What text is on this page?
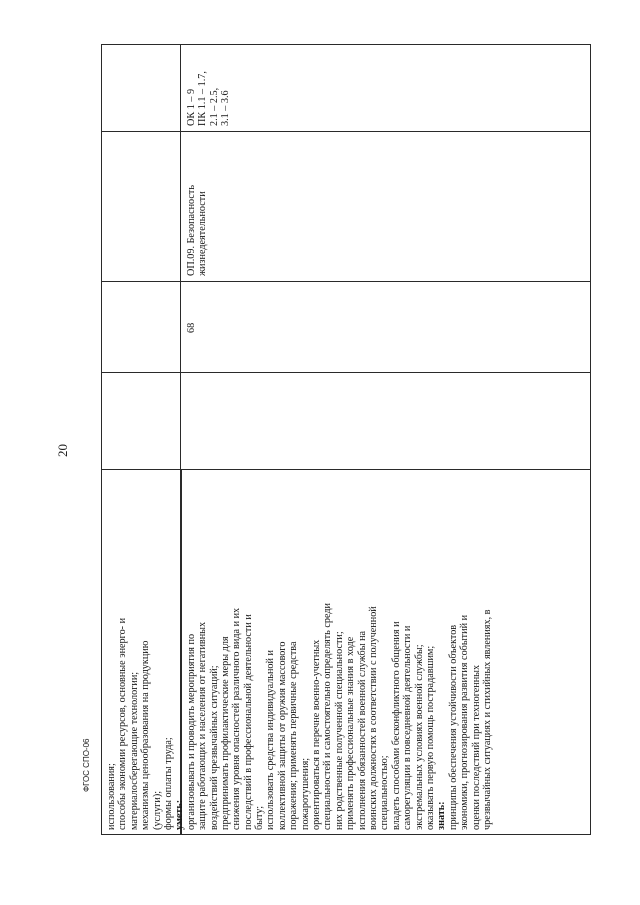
20
ФГОС СПО-06 использования; способы экономии ресурсов, основные энерго- и материалосберегающие технологии; механизмы ценообразования на продукцию (услуги); формы оплаты труда; уметь: организовывать и проводить мероприятия по защите работающих и населения от негативных воздействий чрезвычайных ситуаций; предпринимать профилактические меры для снижения уровня опасностей различного вида и их последствий в профессиональной деятельности и быту; использовать средства индивидуальной и коллективной защиты от оружия массового поражения; применять первичные средства пожаротушения; ориентироваться в перечне военно-учетных специальностей и самостоятельно определять среди них родственные полученной специальности; применять профессиональные знания в ходе исполнения обязанностей военной службы на воинских должностях в соответствии с полученной специальностью; владеть способами бесконфликтного общения и саморегуляции в повседневной деятельности и экстремальных условиях военной службы; оказывать первую помощь пострадавшим; знать: принципы обеспечения устойчивости объектов экономики, прогнозирования развития событий и оценки последствий при техногенных чрезвычайных ситуациях и стихийных явлениях, в
68
ОП.09. Безопасность жизнедеятельности
ОК 1 – 9 ПК 1.1 – 1.7, 2.1 – 2.5, 3.1 – 3.6
